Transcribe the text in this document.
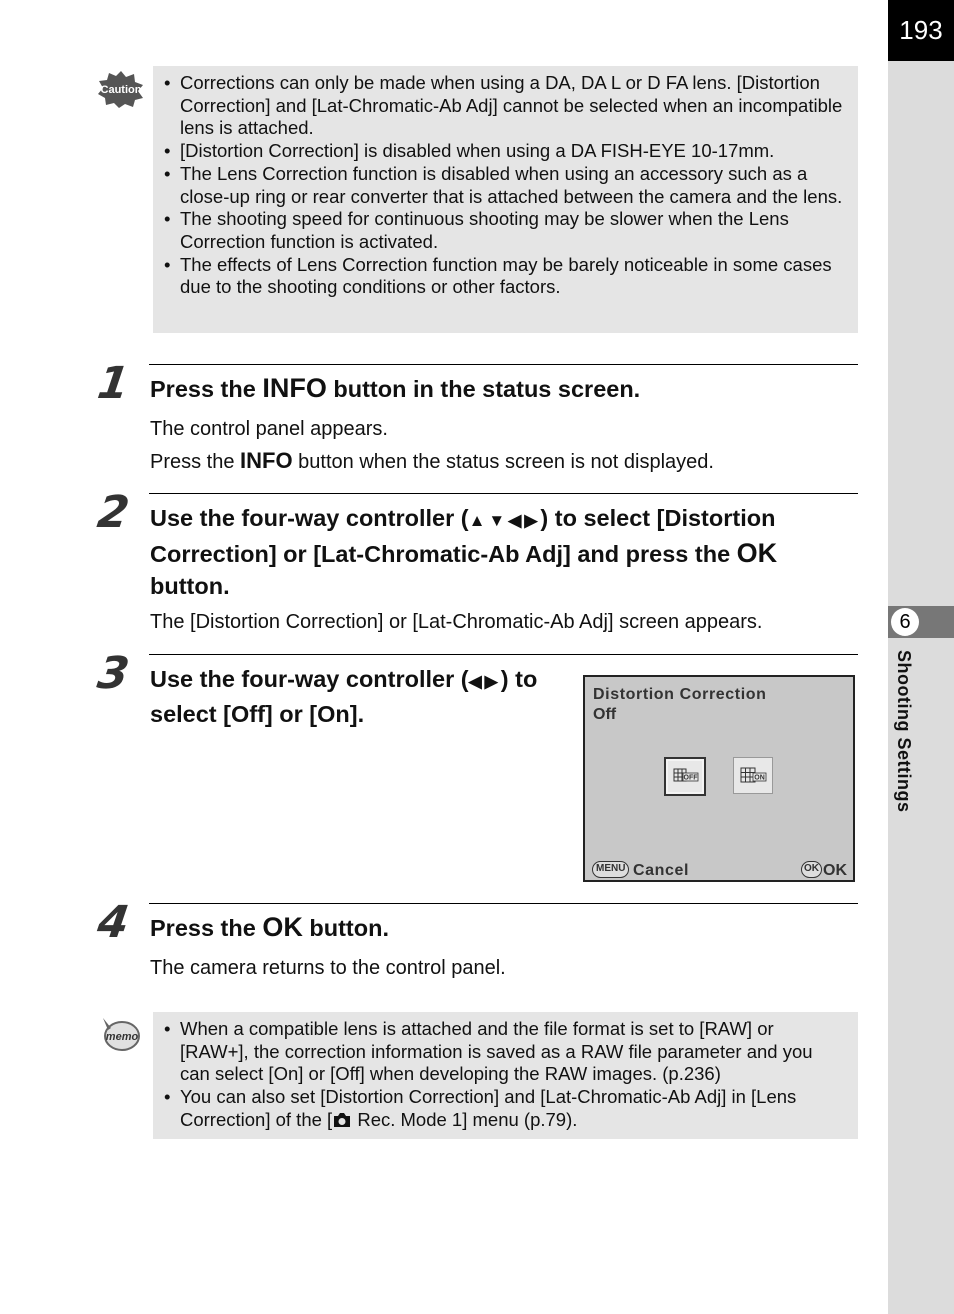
193
6
Shooting Settings
Caution • Corrections can only be made when using a DA, DA L or D FA lens. [Distortion Correction] and [Lat-Chromatic-Ab Adj] cannot be selected when an incompatible lens is attached.
• [Distortion Correction] is disabled when using a DA FISH-EYE 10-17mm.
• The Lens Correction function is disabled when using an accessory such as a close-up ring or rear converter that is attached between the camera and the lens.
• The shooting speed for continuous shooting may be slower when the Lens Correction function is activated.
• The effects of Lens Correction function may be barely noticeable in some cases due to the shooting conditions or other factors.
1 Press the INFO button in the status screen.
The control panel appears.
Press the INFO button when the status screen is not displayed.
2 Use the four-way controller (▲▼◀▶) to select [Distortion Correction] or [Lat-Chromatic-Ab Adj] and press the OK button.
The [Distortion Correction] or [Lat-Chromatic-Ab Adj] screen appears.
3 Use the four-way controller (◀▶) to select [Off] or [On].
Distortion Correction
Off
OFF	ON
MENU Cancel	OK OK
4 Press the OK button.
The camera returns to the control panel.
memo • When a compatible lens is attached and the file format is set to [RAW] or [RAW+], the correction information is saved as a RAW file parameter and you can select [On] or [Off] when developing the RAW images. (p.236)
• You can also set [Distortion Correction] and [Lat-Chromatic-Ab Adj] in [Lens Correction] of the [ Rec. Mode 1] menu (p.79).
